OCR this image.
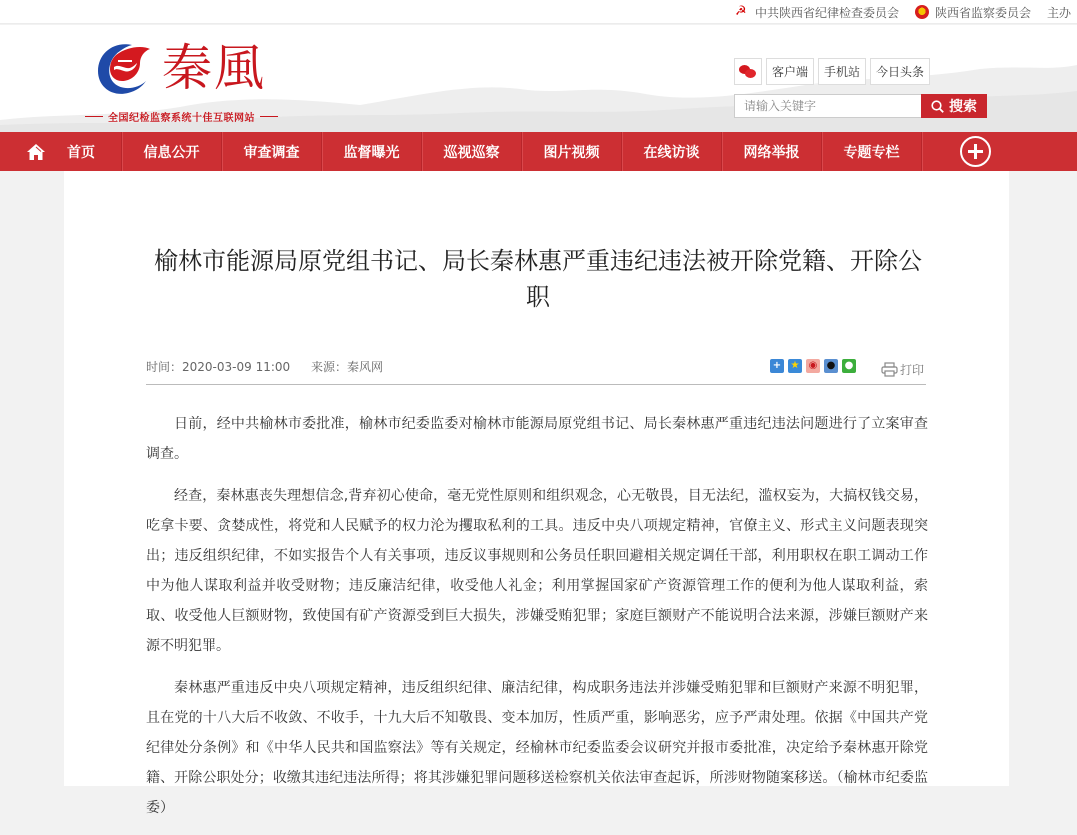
☭ 中共陕西省纪律检查委员会	陕西省监察委员会 主办
秦風
全国纪检监察系统十佳互联网站
客户端	手机站	今日头条
请输入关键字
搜索
首页	信息公开	审查调查	监督曝光	巡视巡察	图片视频	在线访谈	网络举报	专题专栏
榆林市能源局原党组书记、局长秦林惠严重违纪违法被开除党籍、开除公职
时间：2020-03-09 11:00 来源：秦风网	+ ★ ◉ ● ●	打印

日前，经中共榆林市委批准，榆林市纪委监委对榆林市能源局原党组书记、局长秦林惠严重违纪违法问题进行了立案审查调查。

经查，秦林惠丧失理想信念,背弃初心使命，毫无党性原则和组织观念，心无敬畏，目无法纪，滥权妄为，大搞权钱交易，吃拿卡要、贪婪成性，将党和人民赋予的权力沦为攫取私利的工具。违反中央八项规定精神，官僚主义、形式主义问题表现突出；违反组织纪律，不如实报告个人有关事项，违反议事规则和公务员任职回避相关规定调任干部，利用职权在职工调动工作中为他人谋取利益并收受财物；违反廉洁纪律，收受他人礼金；利用掌握国家矿产资源管理工作的便利为他人谋取利益，索取、收受他人巨额财物，致使国有矿产资源受到巨大损失，涉嫌受贿犯罪；家庭巨额财产不能说明合法来源，涉嫌巨额财产来源不明犯罪。

秦林惠严重违反中央八项规定精神，违反组织纪律、廉洁纪律，构成职务违法并涉嫌受贿犯罪和巨额财产来源不明犯罪，且在党的十八大后不收敛、不收手，十九大后不知敬畏、变本加厉，性质严重，影响恶劣，应予严肃处理。依据《中国共产党纪律处分条例》和《中华人民共和国监察法》等有关规定，经榆林市纪委监委会议研究并报市委批准，决定给予秦林惠开除党籍、开除公职处分；收缴其违纪违法所得；将其涉嫌犯罪问题移送检察机关依法审查起诉，所涉财物随案移送。（榆林市纪委监委）
